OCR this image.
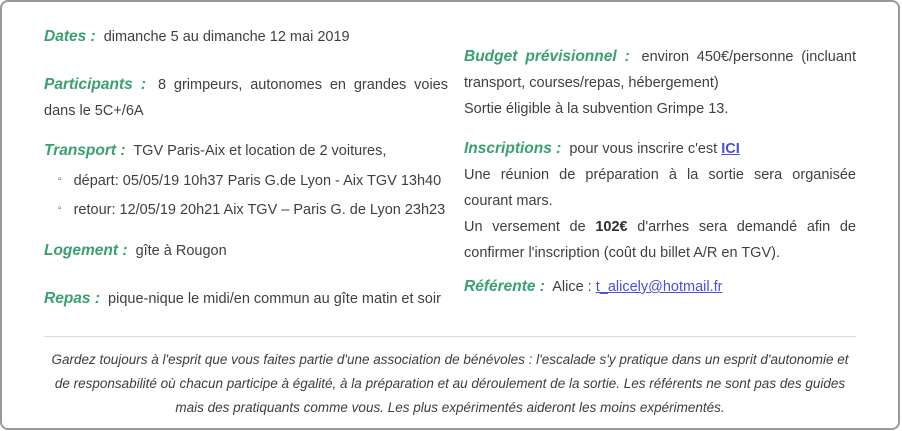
Dates : dimanche 5 au dimanche 12 mai 2019
Participants : 8 grimpeurs, autonomes en grandes voies dans le 5C+/6A
Transport : TGV Paris-Aix et location de 2 voitures,
▫ départ: 05/05/19 10h37 Paris G.de Lyon - Aix TGV 13h40
▫ retour: 12/05/19 20h21 Aix TGV – Paris G. de Lyon 23h23
Logement : gîte à Rougon
Repas : pique-nique le midi/en commun au gîte matin et soir
Budget prévisionnel : environ 450€/personne (incluant transport, courses/repas, hébergement)
Sortie éligible à la subvention Grimpe 13.
Inscriptions : pour vous inscrire c'est ICI
Une réunion de préparation à la sortie sera organisée courant mars.
Un versement de 102€ d'arrhes sera demandé afin de confirmer l'inscription (coût du billet A/R en TGV).
Référente : Alice : t_alicely@hotmail.fr

Gardez toujours à l'esprit que vous faites partie d'une association de bénévoles : l'escalade s'y pratique dans un esprit d'autonomie et de responsabilité où chacun participe à égalité, à la préparation et au déroulement de la sortie. Les référents ne sont pas des guides mais des pratiquants comme vous. Les plus expérimentés aideront les moins expérimentés.
